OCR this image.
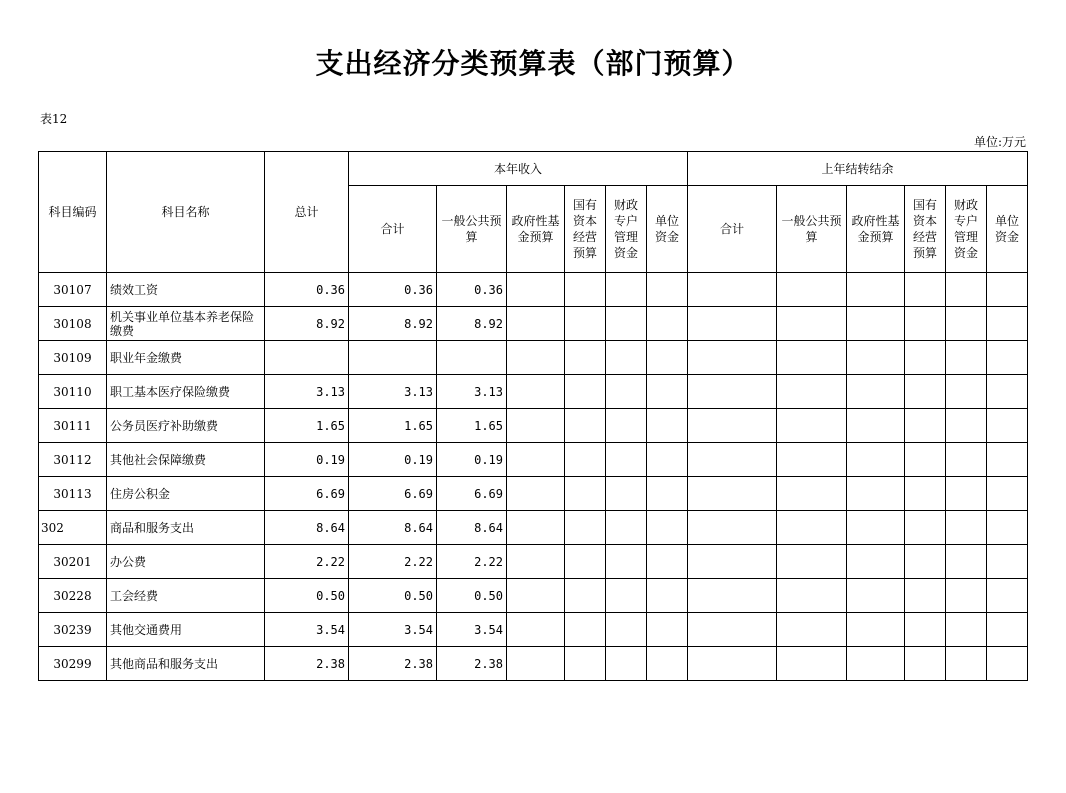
支出经济分类预算表（部门预算）
表12
单位:万元
科目编码	科目名称	总计	本年收入						上年结转结余					
			合计	一般公共预算	政府性基金预算	国有资本经营预算	财政专户管理资金	单位资金	合计	一般公共预算	政府性基金预算	国有资本经营预算	财政专户管理资金	单位资金
30107	绩效工资	0.36	0.36	0.36										
30108	机关事业单位基本养老保险缴费	8.92	8.92	8.92										
30109	职业年金缴费													
30110	职工基本医疗保险缴费	3.13	3.13	3.13										
30111	公务员医疗补助缴费	1.65	1.65	1.65										
30112	其他社会保障缴费	0.19	0.19	0.19										
30113	住房公积金	6.69	6.69	6.69										
302	商品和服务支出	8.64	8.64	8.64										
30201	办公费	2.22	2.22	2.22										
30228	工会经费	0.50	0.50	0.50										
30239	其他交通费用	3.54	3.54	3.54										
30299	其他商品和服务支出	2.38	2.38	2.38										
